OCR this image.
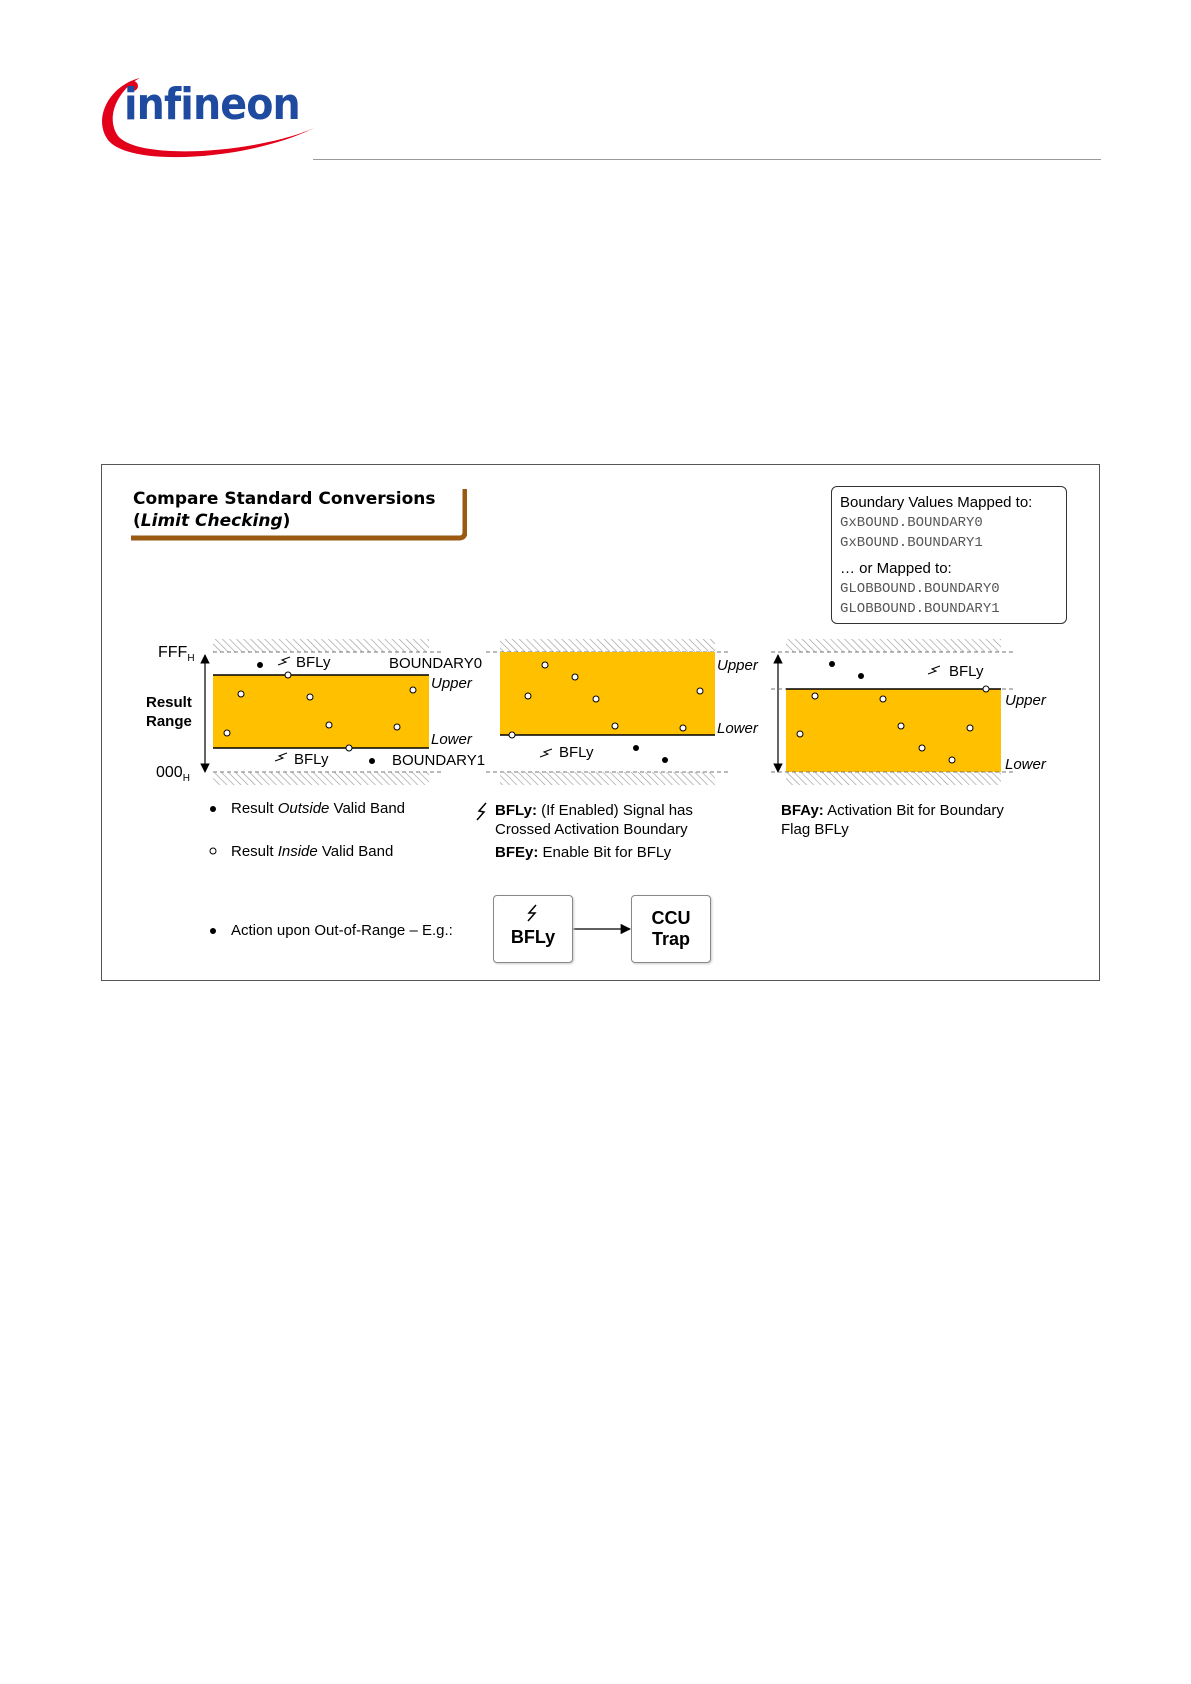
infineon
Compare Standard Conversions
(Limit Checking)
Boundary Values Mapped to:
GxBOUND.BOUNDARY0
GxBOUND.BOUNDARY1
… or Mapped to:
GLOBBOUND.BOUNDARY0
GLOBBOUND.BOUNDARY1
$FFF_H$
Result
Range
$000_H$
BFLy	BOUNDARY0
Upper
Lower
BFLy	BOUNDARY1
Upper
Lower
BFLy
BFLy
Upper
Lower
Result Outside Valid Band
Result Inside Valid Band
Action upon Out-of-Range – E.g.:
BFLy: (If Enabled) Signal has
Crossed Activation Boundary
BFEy: Enable Bit for BFLy
BFAy: Activation Bit for Boundary
Flag BFLy
BFLy
CCU
Trap
